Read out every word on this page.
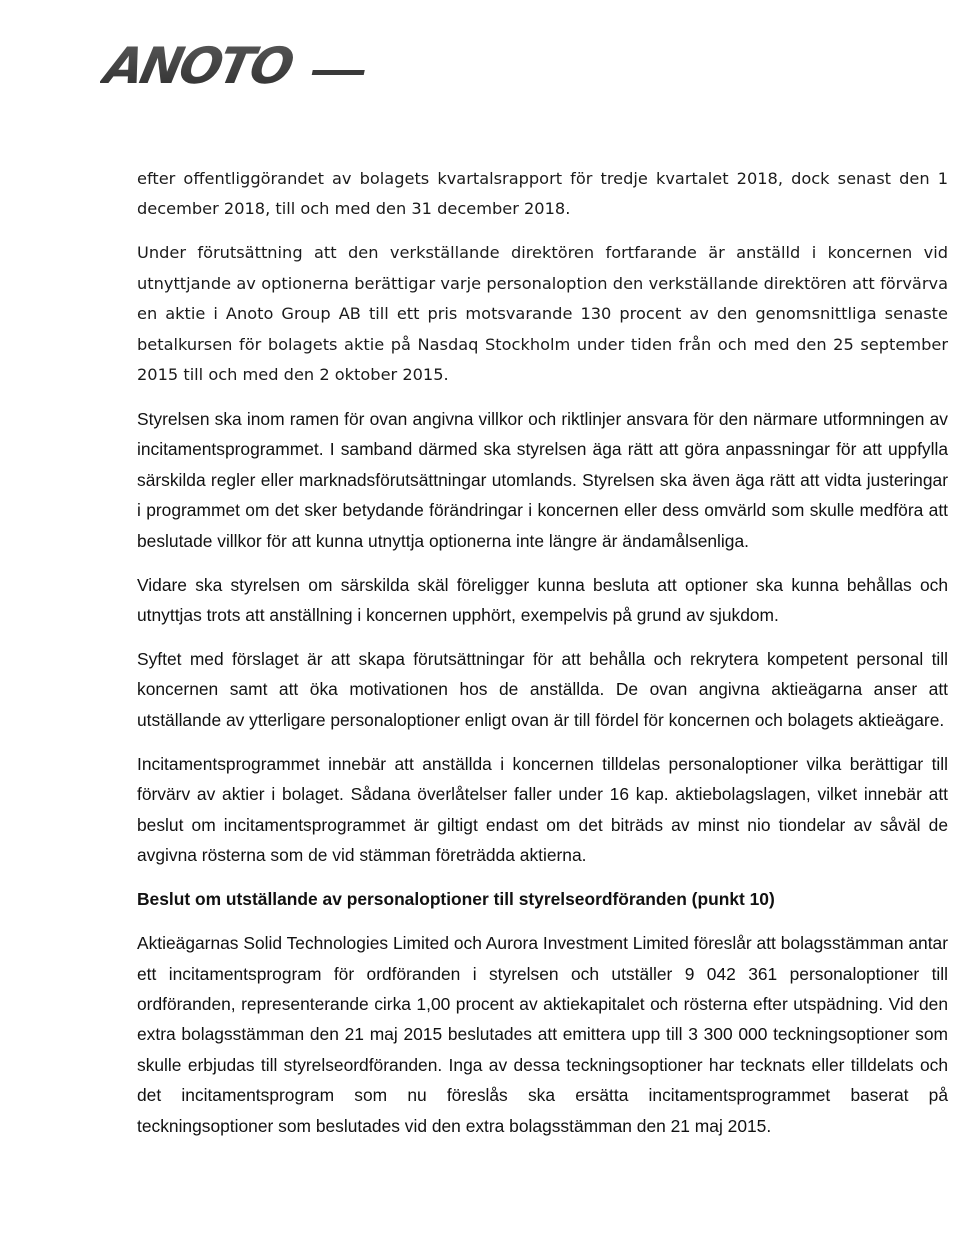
ANOTO

efter offentliggörandet av bolagets kvartalsrapport för tredje kvartalet 2018, dock senast den 1 december 2018, till och med den 31 december 2018.

Under förutsättning att den verkställande direktören fortfarande är anställd i koncernen vid utnyttjande av optionerna berättigar varje personaloption den verkställande direktören att förvärva en aktie i Anoto Group AB till ett pris motsvarande 130 procent av den genomsnittliga senaste betalkursen för bolagets aktie på Nasdaq Stockholm under tiden från och med den 25 september 2015 till och med den 2 oktober 2015.

Styrelsen ska inom ramen för ovan angivna villkor och riktlinjer ansvara för den närmare utformningen av incitamentsprogrammet. I samband därmed ska styrelsen äga rätt att göra anpassningar för att uppfylla särskilda regler eller marknadsförutsättningar utomlands. Styrelsen ska även äga rätt att vidta justeringar i programmet om det sker betydande förändringar i koncernen eller dess omvärld som skulle medföra att beslutade villkor för att kunna utnyttja optionerna inte längre är ändamålsenliga.

Vidare ska styrelsen om särskilda skäl föreligger kunna besluta att optioner ska kunna behållas och utnyttjas trots att anställning i koncernen upphört, exempelvis på grund av sjukdom.

Syftet med förslaget är att skapa förutsättningar för att behålla och rekrytera kompetent personal till koncernen samt att öka motivationen hos de anställda. De ovan angivna aktieägarna anser att utställande av ytterligare personaloptioner enligt ovan är till fördel för koncernen och bolagets aktieägare.

Incitamentsprogrammet innebär att anställda i koncernen tilldelas personaloptioner vilka berättigar till förvärv av aktier i bolaget. Sådana överlåtelser faller under 16 kap. aktiebolagslagen, vilket innebär att beslut om incitamentsprogrammet är giltigt endast om det biträds av minst nio tiondelar av såväl de avgivna rösterna som de vid stämman företrädda aktierna.

Beslut om utställande av personaloptioner till styrelseordföranden (punkt 10)

Aktieägarnas Solid Technologies Limited och Aurora Investment Limited föreslår att bolagsstämman antar ett incitamentsprogram för ordföranden i styrelsen och utställer 9 042 361 personaloptioner till ordföranden, representerande cirka 1,00 procent av aktiekapitalet och rösterna efter utspädning. Vid den extra bolagsstämman den 21 maj 2015 beslutades att emittera upp till 3 300 000 teckningsoptioner som skulle erbjudas till styrelseordföranden. Inga av dessa teckningsoptioner har tecknats eller tilldelats och det incitamentsprogram som nu föreslås ska ersätta incitamentsprogrammet baserat på teckningsoptioner som beslutades vid den extra bolagsstämman den 21 maj 2015.
